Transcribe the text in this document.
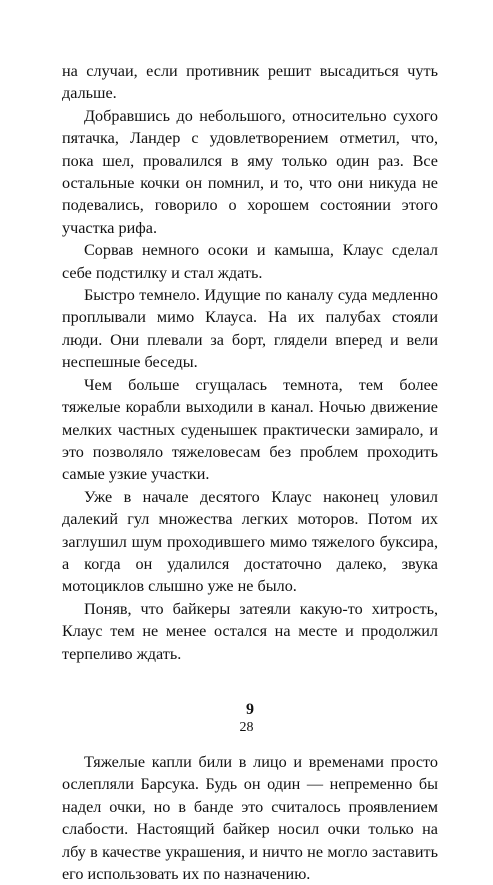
на случаи, если противник решит высадиться чуть дальше.

Добравшись до небольшого, относительно сухого пятачка, Ландер с удовлетворением отметил, что, пока шел, провалился в яму только один раз. Все остальные кочки он помнил, и то, что они никуда не подевались, говорило о хорошем состоянии этого участка рифа.

Сорвав немного осоки и камыша, Клаус сделал себе подстилку и стал ждать.

Быстро темнело. Идущие по каналу суда медленно проплывали мимо Клауса. На их палубах стояли люди. Они плевали за борт, глядели вперед и вели неспешные беседы.

Чем больше сгущалась темнота, тем более тяжелые корабли выходили в канал. Ночью движение мелких частных суденышек практически замирало, и это позволяло тяжеловесам без проблем проходить самые узкие участки.

Уже в начале десятого Клаус наконец уловил далекий гул множества легких моторов. Потом их заглушил шум проходившего мимо тяжелого буксира, а когда он удалился достаточно далеко, звука мотоциклов слышно уже не было.

Поняв, что байкеры затеяли какую-то хитрость, Клаус тем не менее остался на месте и продолжил терпеливо ждать.

9

Тяжелые капли били в лицо и временами просто ослепляли Барсука. Будь он один — непременно бы надел очки, но в банде это считалось проявлением слабости. Настоящий байкер носил очки только на лбу в качестве украшения, и ничто не могло заставить его использовать их по назначению.

28
